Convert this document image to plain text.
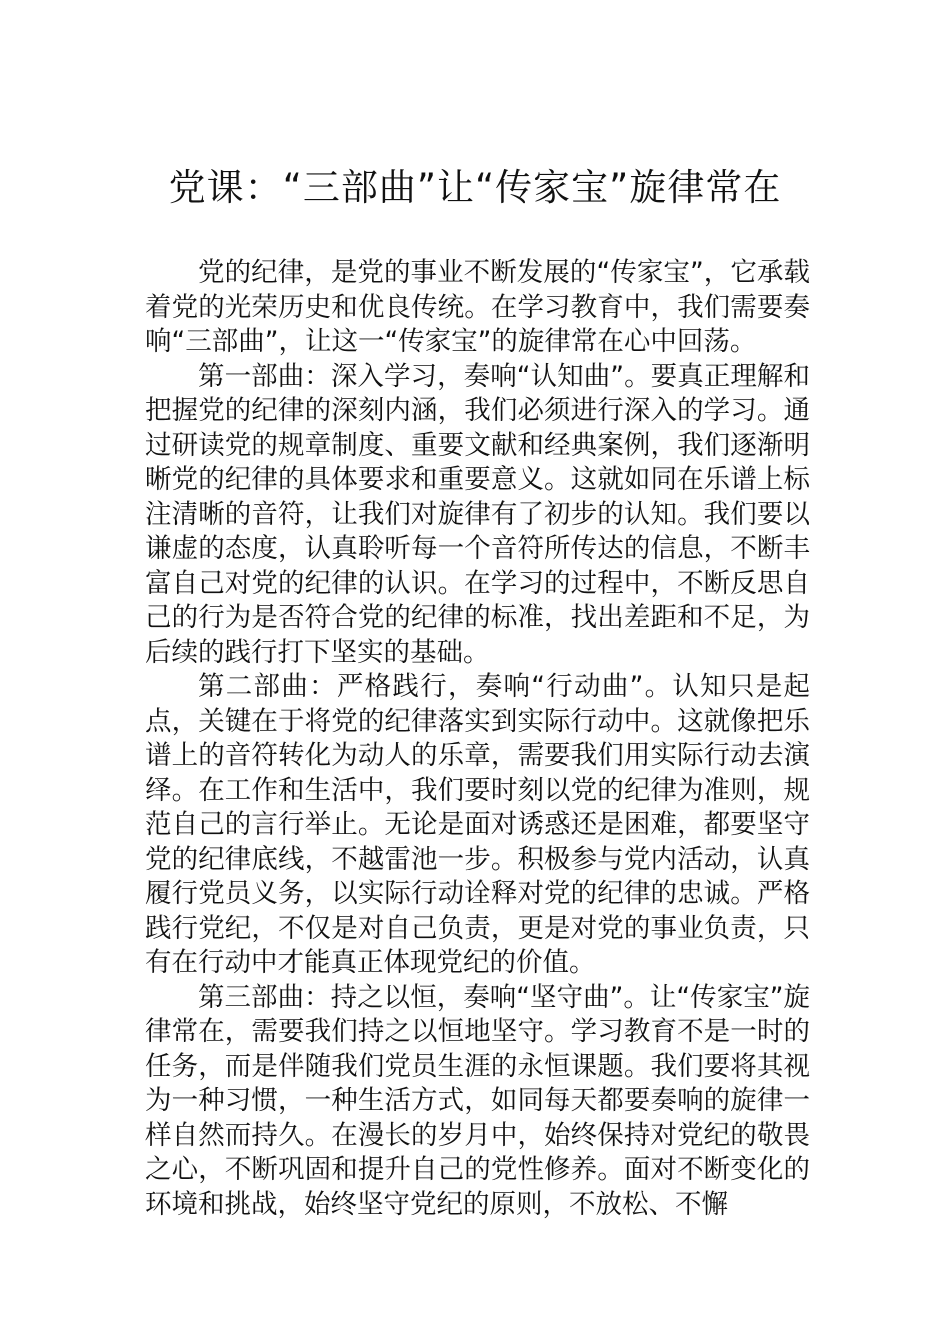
党课：“三部曲”让“传家宝”旋律常在

党的纪律，是党的事业不断发展的“传家宝”，它承载着党的光荣历史和优良传统。在学习教育中，我们需要奏响“三部曲”，让这一“传家宝”的旋律常在心中回荡。

第一部曲：深入学习，奏响“认知曲”。要真正理解和把握党的纪律的深刻内涵，我们必须进行深入的学习。通过研读党的规章制度、重要文献和经典案例，我们逐渐明晰党的纪律的具体要求和重要意义。这就如同在乐谱上标注清晰的音符，让我们对旋律有了初步的认知。我们要以谦虚的态度，认真聆听每一个音符所传达的信息，不断丰富自己对党的纪律的认识。在学习的过程中，不断反思自己的行为是否符合党的纪律的标准，找出差距和不足，为后续的践行打下坚实的基础。

第二部曲：严格践行，奏响“行动曲”。认知只是起点，关键在于将党的纪律落实到实际行动中。这就像把乐谱上的音符转化为动人的乐章，需要我们用实际行动去演绎。在工作和生活中，我们要时刻以党的纪律为准则，规范自己的言行举止。无论是面对诱惑还是困难，都要坚守党的纪律底线，不越雷池一步。积极参与党内活动，认真履行党员义务，以实际行动诠释对党的纪律的忠诚。严格践行党纪，不仅是对自己负责，更是对党的事业负责，只有在行动中才能真正体现党纪的价值。

第三部曲：持之以恒，奏响“坚守曲”。让“传家宝”旋律常在，需要我们持之以恒地坚守。学习教育不是一时的任务，而是伴随我们党员生涯的永恒课题。我们要将其视为一种习惯，一种生活方式，如同每天都要奏响的旋律一样自然而持久。在漫长的岁月中，始终保持对党纪的敬畏之心，不断巩固和提升自己的党性修养。面对不断变化的环境和挑战，始终坚守党纪的原则，不放松、不懈
